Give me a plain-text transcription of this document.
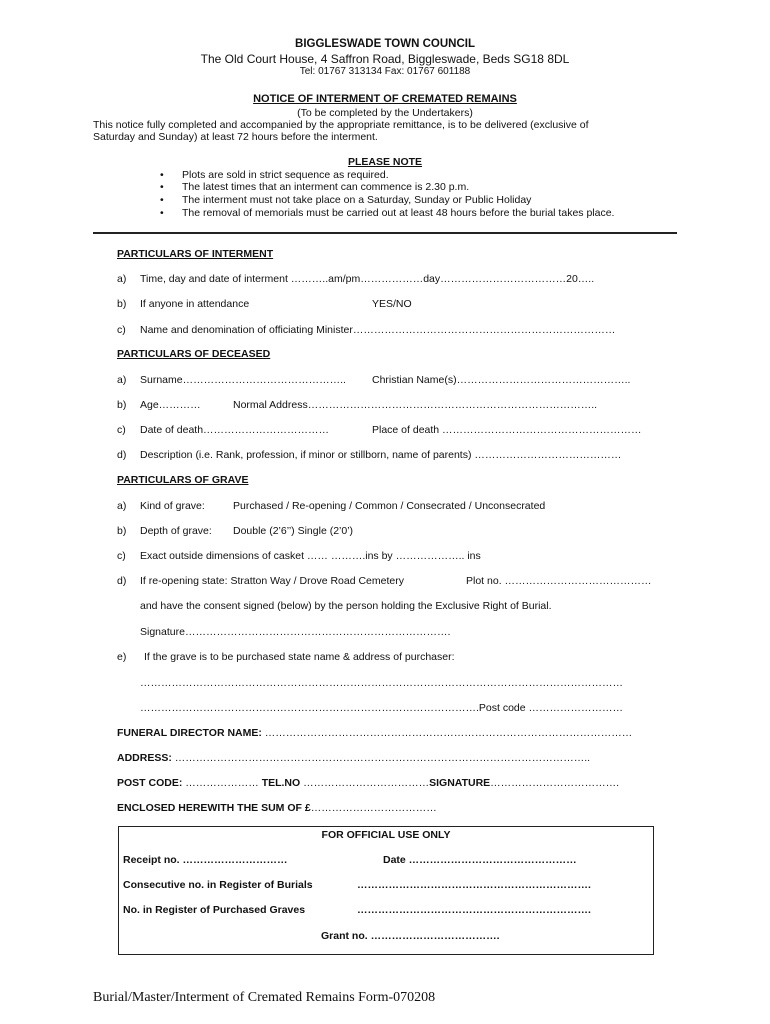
BIGGLESWADE TOWN COUNCIL
The Old Court House, 4 Saffron Road, Biggleswade, Beds SG18 8DL
Tel: 01767 313134 Fax: 01767 601188
NOTICE OF INTERMENT OF CREMATED REMAINS
(To be completed by the Undertakers)
This notice fully completed and accompanied by the appropriate remittance, is to be delivered (exclusive of
Saturday and Sunday) at least 72 hours before the interment.
PLEASE NOTE
• Plots are sold in strict sequence as required.
• The latest times that an interment can commence is 2.30 p.m.
• The interment must not take place on a Saturday, Sunday or Public Holiday
• The removal of memorials must be carried out at least 48 hours before the burial takes place.
PARTICULARS OF INTERMENT
a) Time, day and date of interment ………..am/pm………………day………………………………20…..
b) If anyone in attendance	YES/NO
c) Name and denomination of officiating Minister…………………………………………………………………
PARTICULARS OF DECEASED
a) Surname……………………………………….. Christian Name(s)…………………………………………..
b) Age…………	Normal Address………………………………………………………………………..
c) Date of death………………………………	Place of death …………………………………………………
d) Description (i.e. Rank, profession, if minor or stillborn, name of parents) ……………………………………
PARTICULARS OF GRAVE
a) Kind of grave:	Purchased / Re-opening / Common / Consecrated / Unconsecrated
b) Depth of grave: Double (2’6’’) Single (2’0’)
c) Exact outside dimensions of casket …… ……….ins by ……………….. ins
d) If re-opening state: Stratton Way / Drove Road Cemetery	Plot no. ……………………………………
and have the consent signed (below) by the person holding the Exclusive Right of Burial.
Signature………………………………………………………………….
e) If the grave is to be purchased state name & address of purchaser:
…………………………………………………………………………………………………………………………
…………………………………………………………………………………….Post code ………………………
FUNERAL DIRECTOR NAME: ……………………………………………………………………………………………
ADDRESS: ………………………………………………………………………………………………………..
POST CODE: ………………… TEL.NO ………………………………SIGNATURE……………………………….
ENCLOSED HEREWITH THE SUM OF £………………………………
FOR OFFICIAL USE ONLY
Receipt no. …………………………	Date …………………………………………
Consecutive no. in Register of Burials	………………………………………………………….
No. in Register of Purchased Graves	………………………………………………………….
Grant no. ……………………………….
Burial/Master/Interment of Cremated Remains Form-070208
